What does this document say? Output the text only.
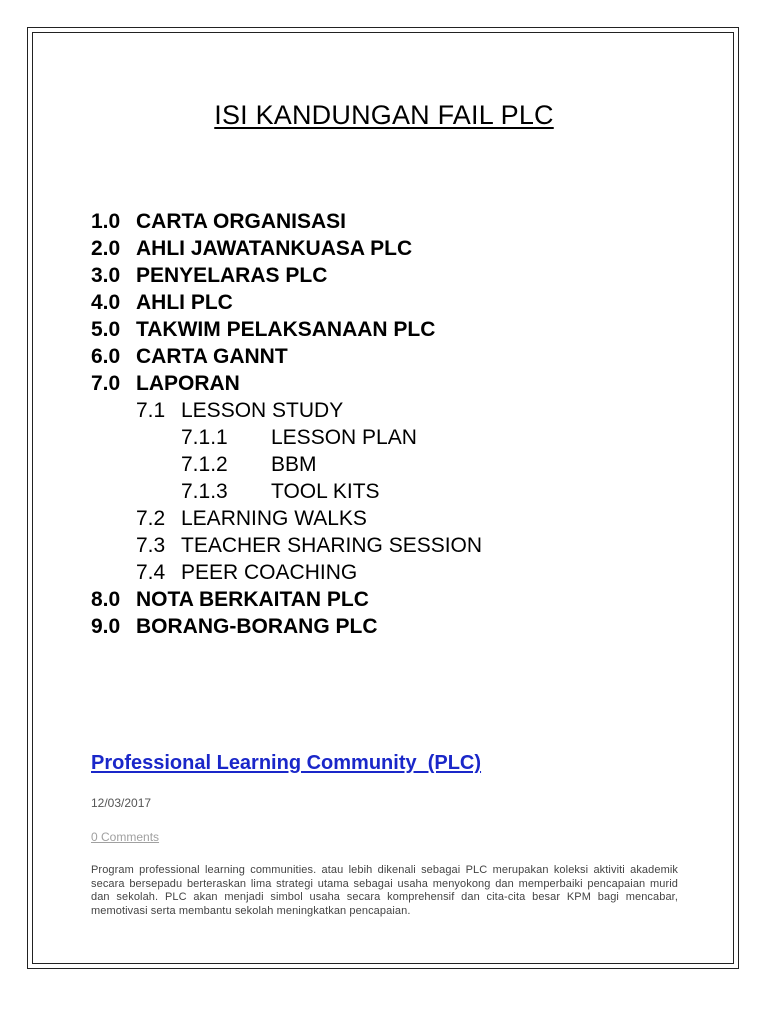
ISI KANDUNGAN FAIL PLC
1.0 CARTA ORGANISASI
2.0 AHLI JAWATANKUASA PLC
3.0 PENYELARAS PLC
4.0 AHLI PLC
5.0 TAKWIM PELAKSANAAN PLC
6.0 CARTA GANNT
7.0 LAPORAN
7.1 LESSON STUDY
7.1.1 LESSON PLAN
7.1.2 BBM
7.1.3 TOOL KITS
7.2 LEARNING WALKS
7.3 TEACHER SHARING SESSION
7.4 PEER COACHING
8.0 NOTA BERKAITAN PLC
9.0 BORANG-BORANG PLC
Professional Learning Community  (PLC)
12/03/2017
0 Comments

Program professional learning communities. atau lebih dikenali sebagai PLC merupakan koleksi aktiviti akademik secara bersepadu berteraskan lima strategi utama sebagai usaha menyokong dan memperbaiki pencapaian murid dan sekolah. PLC akan menjadi simbol usaha secara komprehensif dan cita-cita besar KPM bagi mencabar, memotivasi serta membantu sekolah meningkatkan pencapaian.
